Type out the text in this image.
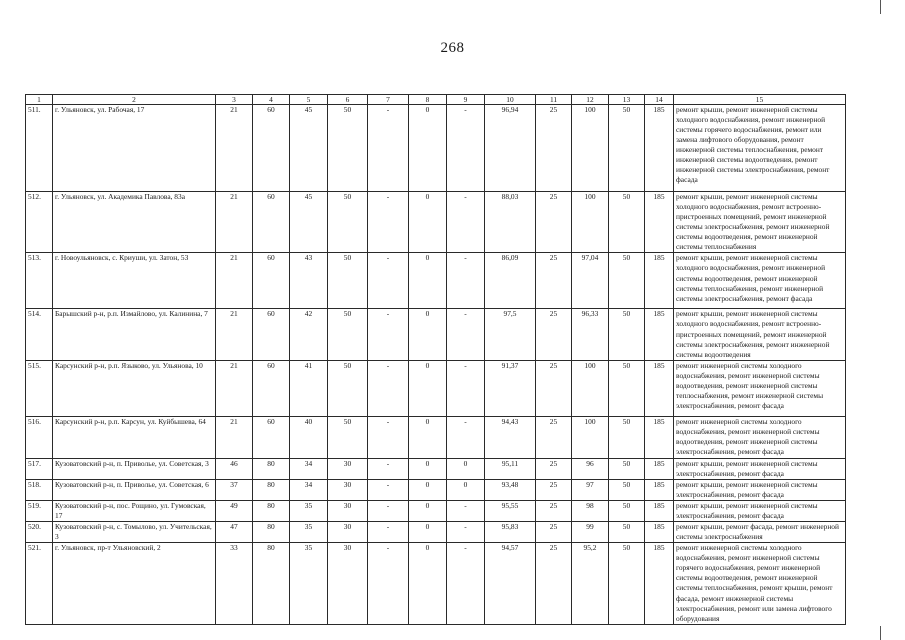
268
1	2	3	4	5	6	7	8	9	10	11	12	13	14	15
511.	г. Ульяновск, ул. Рабочая, 17	21	60	45	50	-	0	-	96,94	25	100	50	185	ремонт крыши, ремонт инженерной системы холодного водоснабжения, ремонт инженерной системы горячего водоснабжения, ремонт или замена лифтового оборудования, ремонт инженерной системы теплоснабжения, ремонт инженерной системы водоотведения, ремонт инженерной системы электроснабжения, ремонт фасада
512.	г. Ульяновск, ул. Академика Павлова, 83а	21	60	45	50	-	0	-	88,03	25	100	50	185	ремонт крыши, ремонт инженерной системы холодного водоснабжения, ремонт встроенно-пристроенных помещений, ремонт инженерной системы электроснабжения, ремонт инженерной системы водоотведения, ремонт инженерной системы теплоснабжения
513.	г. Новоульяновск, с. Криуши, ул. Затон, 53	21	60	43	50	-	0	-	86,09	25	97,04	50	185	ремонт крыши, ремонт инженерной системы холодного водоснабжения, ремонт инженерной системы водоотведения, ремонт инженерной системы теплоснабжения, ремонт инженерной системы электроснабжения, ремонт фасада
514.	Барышский р-н, р.п. Измайлово, ул. Калинина, 7	21	60	42	50	-	0	-	97,5	25	96,33	50	185	ремонт крыши, ремонт инженерной системы холодного водоснабжения, ремонт встроенно-пристроенных помещений, ремонт инженерной системы электроснабжения, ремонт инженерной системы водоотведения
515.	Карсунский р-н, р.п. Языково, ул. Ульянова, 10	21	60	41	50	-	0	-	91,37	25	100	50	185	ремонт инженерной системы холодного водоснабжения, ремонт инженерной системы водоотведения, ремонт инженерной системы теплоснабжения, ремонт инженерной системы электроснабжения, ремонт фасада
516.	Карсунский р-н, р.п. Карсун, ул. Куйбышева, 64	21	60	40	50	-	0	-	94,43	25	100	50	185	ремонт инженерной системы холодного водоснабжения, ремонт инженерной системы водоотведения, ремонт инженерной системы электроснабжения, ремонт фасада
517.	Кузоватовский р-н, п. Приволье, ул. Советская, 3	46	80	34	30	-	0	0	95,11	25	96	50	185	ремонт крыши, ремонт инженерной системы электроснабжения, ремонт фасада
518.	Кузоватовский р-н, п. Приволье, ул. Советская, 6	37	80	34	30	-	0	0	93,48	25	97	50	185	ремонт крыши, ремонт инженерной системы электроснабжения, ремонт фасада
519.	Кузоватовский р-н, пос. Рощино, ул. Гумовская, 17	49	80	35	30	-	0	-	95,55	25	98	50	185	ремонт крыши, ремонт инженерной системы электроснабжения, ремонт фасада
520.	Кузоватовский р-н, с. Томылово, ул. Учительская, 3	47	80	35	30	-	0	-	95,83	25	99	50	185	ремонт крыши, ремонт фасада, ремонт инженерной системы электроснабжения
521.	г. Ульяновск, пр-т Ульяновский, 2	33	80	35	30	-	0	-	94,57	25	95,2	50	185	ремонт инженерной системы холодного водоснабжения, ремонт инженерной системы горячего водоснабжения, ремонт инженерной системы водоотведения, ремонт инженерной системы теплоснабжения, ремонт крыши, ремонт фасада, ремонт инженерной системы электроснабжения, ремонт или замена лифтового оборудования
